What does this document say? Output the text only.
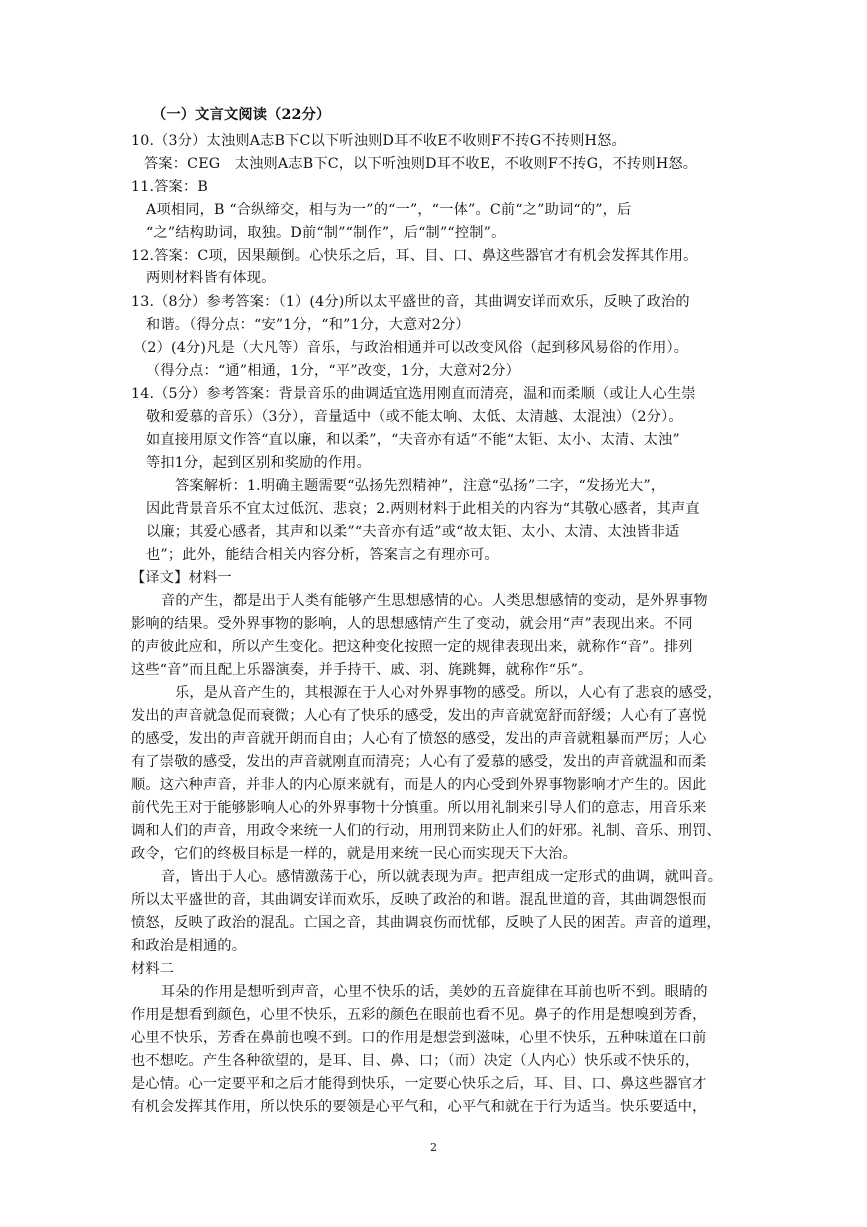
（一）文言文阅读（22分）
10.（3分）太浊则A志B下C以下听浊则D耳不收E不收则F不抟G不抟则H怒。
答案：CEG　太浊则A志B下C，以下听浊则D耳不收E，不收则F不抟G，不抟则H怒。
11.答案：B
A项相同，B “合纵缔交，相与为一”的“一”，“一体”。C前“之”助词“的”，后
“之”结构助词，取独。D前“制”“制作”，后“制”“控制”。
12.答案：C项，因果颠倒。心快乐之后，耳、目、口、鼻这些器官才有机会发挥其作用。
两则材料皆有体现。
13.（8分）参考答案：（1）(4分)所以太平盛世的音，其曲调安详而欢乐，反映了政治的
和谐。（得分点：“安”1分，“和”1分，大意对2分）
（2）(4分)凡是（大凡等）音乐，与政治相通并可以改变风俗（起到移风易俗的作用）。
（得分点：“通”相通，1分，“平”改变，1分，大意对2分）
14.（5分）参考答案：背景音乐的曲调适宜选用刚直而清亮，温和而柔顺（或让人心生崇
敬和爱慕的音乐）（3分），音量适中（或不能太响、太低、太清越、太混浊）（2分）。
如直接用原文作答“直以廉，和以柔”，“夫音亦有适”不能“太钜、太小、太清、太浊”
等扣1分，起到区别和奖励的作用。
答案解析：1.明确主题需要“弘扬先烈精神”，注意“弘扬”二字，“发扬光大”，
因此背景音乐不宜太过低沉、悲哀；2.两则材料于此相关的内容为“其敬心感者，其声直
以廉；其爱心感者，其声和以柔”“夫音亦有适”或“故太钜、太小、太清、太浊皆非适
也”；此外，能结合相关内容分析，答案言之有理亦可。
【译文】材料一
音的产生，都是出于人类有能够产生思想感情的心。人类思想感情的变动，是外界事物
影响的结果。受外界事物的影响，人的思想感情产生了变动，就会用“声”表现出来。不同
的声彼此应和，所以产生变化。把这种变化按照一定的规律表现出来，就称作“音”。排列
这些“音”而且配上乐器演奏，并手持干、戚、羽、旄跳舞，就称作“乐”。
乐，是从音产生的，其根源在于人心对外界事物的感受。所以，人心有了悲哀的感受，
发出的声音就急促而衰微；人心有了快乐的感受，发出的声音就宽舒而舒缓；人心有了喜悦
的感受，发出的声音就开朗而自由；人心有了愤怒的感受，发出的声音就粗暴而严厉；人心
有了崇敬的感受，发出的声音就刚直而清亮；人心有了爱慕的感受，发出的声音就温和而柔
顺。这六种声音，并非人的内心原来就有，而是人的内心受到外界事物影响才产生的。因此
前代先王对于能够影响人心的外界事物十分慎重。所以用礼制来引导人们的意志，用音乐来
调和人们的声音，用政令来统一人们的行动，用刑罚来防止人们的奸邪。礼制、音乐、刑罚、
政令，它们的终极目标是一样的，就是用来统一民心而实现天下大治。
音，皆出于人心。感情激荡于心，所以就表现为声。把声组成一定形式的曲调，就叫音。
所以太平盛世的音，其曲调安详而欢乐，反映了政治的和谐。混乱世道的音，其曲调怨恨而
愤怒，反映了政治的混乱。亡国之音，其曲调哀伤而忧郁，反映了人民的困苦。声音的道理，
和政治是相通的。
材料二
耳朵的作用是想听到声音，心里不快乐的话，美妙的五音旋律在耳前也听不到。眼睛的
作用是想看到颜色，心里不快乐，五彩的颜色在眼前也看不见。鼻子的作用是想嗅到芳香，
心里不快乐，芳香在鼻前也嗅不到。口的作用是想尝到滋味，心里不快乐，五种味道在口前
也不想吃。产生各种欲望的，是耳、目、鼻、口；（而）决定（人内心）快乐或不快乐的，
是心情。心一定要平和之后才能得到快乐，一定要心快乐之后，耳、目、口、鼻这些器官才
有机会发挥其作用，所以快乐的要领是心平气和，心平气和就在于行为适当。快乐要适中，
2
